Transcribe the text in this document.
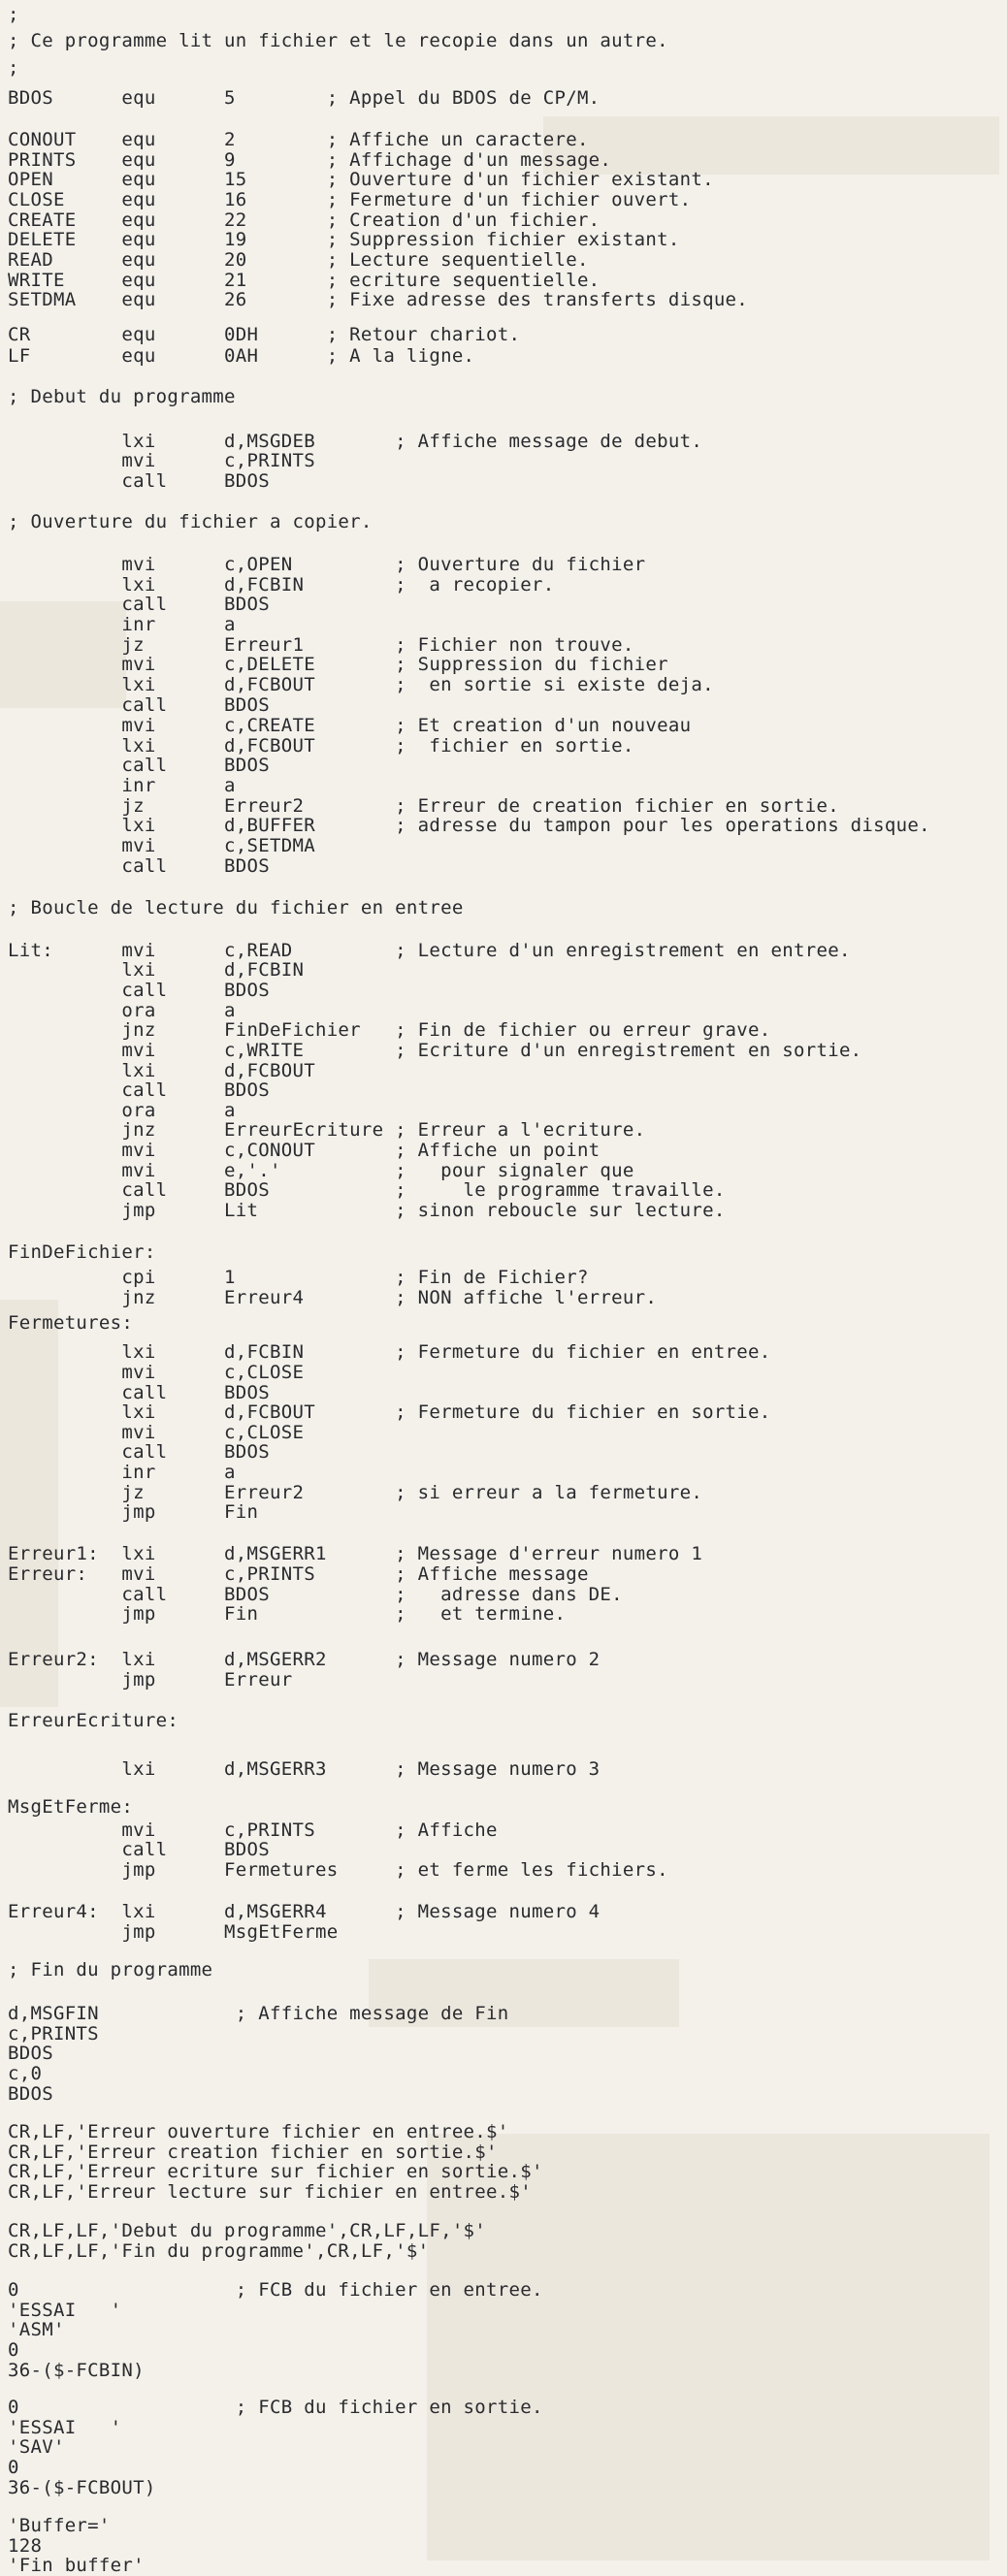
;
; Ce programme lit un fichier et le recopie dans un autre.
;
BDOS      equ      5        ; Appel du BDOS de CP/M.
CONOUT    equ      2        ; Affiche un caractere.
PRINTS    equ      9        ; Affichage d'un message.
OPEN      equ      15       ; Ouverture d'un fichier existant.
CLOSE     equ      16       ; Fermeture d'un fichier ouvert.
CREATE    equ      22       ; Creation d'un fichier.
DELETE    equ      19       ; Suppression fichier existant.
READ      equ      20       ; Lecture sequentielle.
WRITE     equ      21       ; ecriture sequentielle.
SETDMA    equ      26       ; Fixe adresse des transferts disque.
CR        equ      0DH      ; Retour chariot.
LF        equ      0AH      ; A la ligne.
; Debut du programme
lxi      d,MSGDEB       ; Affiche message de debut.
mvi      c,PRINTS
call     BDOS
; Ouverture du fichier a copier.
mvi      c,OPEN         ; Ouverture du fichier
lxi      d,FCBIN        ;  a recopier.
call     BDOS
inr      a
jz       Erreur1        ; Fichier non trouve.
mvi      c,DELETE       ; Suppression du fichier
lxi      d,FCBOUT       ;  en sortie si existe deja.
call     BDOS
mvi      c,CREATE       ; Et creation d'un nouveau
lxi      d,FCBOUT       ;  fichier en sortie.
call     BDOS
inr      a
jz       Erreur2        ; Erreur de creation fichier en sortie.
lxi      d,BUFFER       ; adresse du tampon pour les operations disque.
mvi      c,SETDMA
call     BDOS
; Boucle de lecture du fichier en entree
Lit:      mvi      c,READ         ; Lecture d'un enregistrement en entree.
lxi      d,FCBIN
call     BDOS
ora      a
jnz      FinDeFichier   ; Fin de fichier ou erreur grave.
mvi      c,WRITE        ; Ecriture d'un enregistrement en sortie.
lxi      d,FCBOUT
call     BDOS
ora      a
jnz      ErreurEcriture ; Erreur a l'ecriture.
mvi      c,CONOUT       ; Affiche un point
mvi      e,'.'          ;   pour signaler que
call     BDOS           ;     le programme travaille.
jmp      Lit            ; sinon reboucle sur lecture.
FinDeFichier:
cpi      1              ; Fin de Fichier?
jnz      Erreur4        ; NON affiche l'erreur.
Fermetures:
lxi      d,FCBIN        ; Fermeture du fichier en entree.
mvi      c,CLOSE
call     BDOS
lxi      d,FCBOUT       ; Fermeture du fichier en sortie.
mvi      c,CLOSE
call     BDOS
inr      a
jz       Erreur2        ; si erreur a la fermeture.
jmp      Fin
Erreur1:  lxi      d,MSGERR1      ; Message d'erreur numero 1
Erreur:   mvi      c,PRINTS       ; Affiche message
call     BDOS           ;   adresse dans DE.
jmp      Fin            ;   et termine.
Erreur2:  lxi      d,MSGERR2      ; Message numero 2
jmp      Erreur
ErreurEcriture:
lxi      d,MSGERR3      ; Message numero 3
MsgEtFerme:
mvi      c,PRINTS       ; Affiche
call     BDOS
jmp      Fermetures     ; et ferme les fichiers.
Erreur4:  lxi      d,MSGERR4      ; Message numero 4
jmp      MsgEtFerme
; Fin du programme
d,MSGFIN            ; Affiche message de Fin
c,PRINTS
BDOS
c,0
BDOS
CR,LF,'Erreur ouverture fichier en entree.$'
CR,LF,'Erreur creation fichier en sortie.$'
CR,LF,'Erreur ecriture sur fichier en sortie.$'
CR,LF,'Erreur lecture sur fichier en entree.$'
CR,LF,LF,'Debut du programme',CR,LF,LF,'$'
CR,LF,LF,'Fin du programme',CR,LF,'$'
0                   ; FCB du fichier en entree.
'ESSAI   '
'ASM'
0
36-($-FCBIN)
0                   ; FCB du fichier en sortie.
'ESSAI   '
'SAV'
0
36-($-FCBOUT)
'Buffer='
128
'Fin buffer'
